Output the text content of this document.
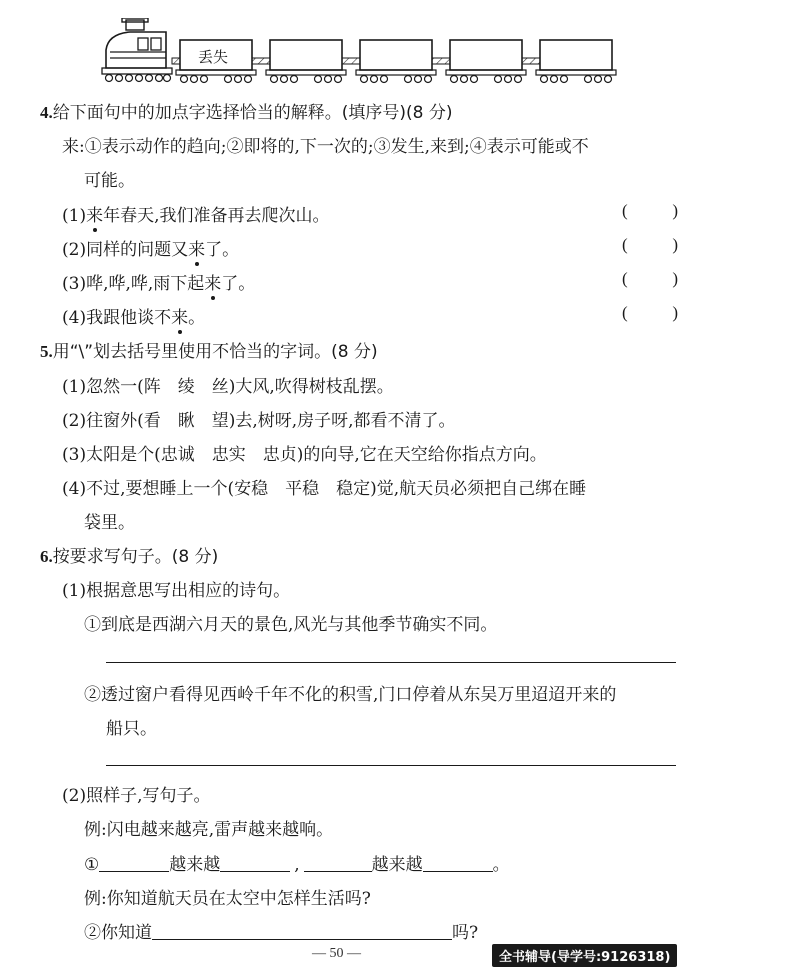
丢失
4.给下面句中的加点字选择恰当的解释。(填序号)(8 分)
来:①表示动作的趋向;②即将的,下一次的;③发生,来到;④表示可能或不
可能。
(1)来年春天,我们准备再去爬次山。	(	)
(2)同样的问题又来了。	(	)
(3)哗,哗,哗,雨下起来了。	(	)
(4)我跟他谈不来。	(	)
5.用“\”划去括号里使用不恰当的字词。(8 分)
(1)忽然一(阵　绫　丝)大风,吹得树枝乱摆。
(2)往窗外(看　瞅　望)去,树呀,房子呀,都看不清了。
(3)太阳是个(忠诚　忠实　忠贞)的向导,它在天空给你指点方向。
(4)不过,要想睡上一个(安稳　平稳　稳定)觉,航天员必须把自己绑在睡
袋里。
6.按要求写句子。(8 分)
(1)根据意思写出相应的诗句。
①到底是西湖六月天的景色,风光与其他季节确实不同。
②透过窗户看得见西岭千年不化的积雪,门口停着从东吴万里迢迢开来的
船只。
(2)照样子,写句子。
例:闪电越来越亮,雷声越来越响。
①	越来越	,	越来越	。
例:你知道航天员在太空中怎样生活吗?
②你知道	吗?
— 50 —	全书辅导(导学号:9126318)
